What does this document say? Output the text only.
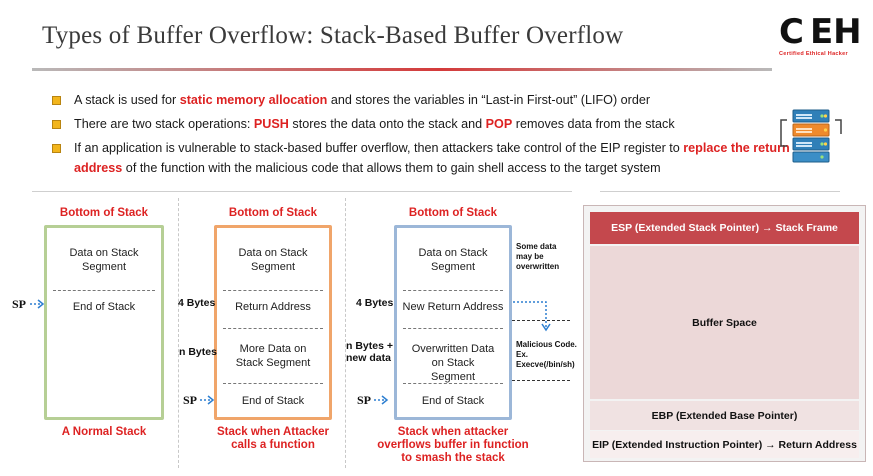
Types of Buffer Overflow: Stack-Based Buffer Overflow	C EH
Certified Ethical Hacker
A stack is used for static memory allocation and stores the variables in “Last-in First-out” (LIFO) order
There are two stack operations: PUSH stores the data onto the stack and POP removes data from the stack
If an application is vulnerable to stack-based buffer overflow, then attackers take control of the EIP register to replace the return address of the function with the malicious code that allows them to gain shell access to the target system
Bottom of Stack
Data on Stack Segment
End of Stack
A Normal Stack
SP
Bottom of Stack
Data on Stack Segment
Return Address
More Data on Stack Segment
End of Stack
4 Bytes
n Bytes
Stack when Attacker calls a function
SP
Bottom of Stack
Data on Stack Segment
New Return Address
Overwritten Data on Stack Segment
End of Stack
4 Bytes
n Bytes + new data
Some data may be overwritten
Malicious Code. Ex. Execve(/bin/sh)
Stack when attacker overflows buffer in function to smash the stack
SP
ESP (Extended Stack Pointer) → Stack Frame
Buffer Space
EBP (Extended Base Pointer)
EIP (Extended Instruction Pointer) → Return Address
